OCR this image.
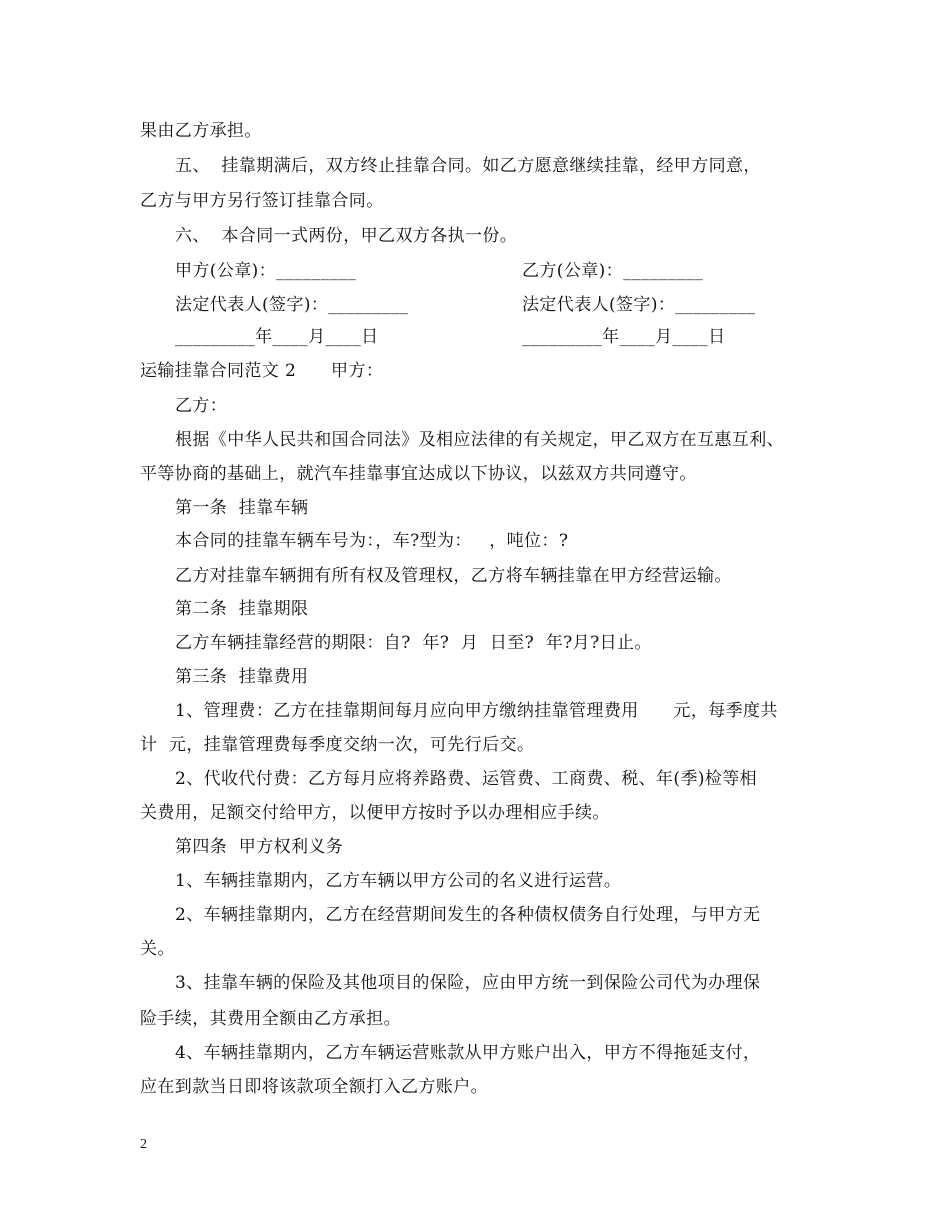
果由乙方承担。
五、  挂靠期满后，双方终止挂靠合同。如乙方愿意继续挂靠，经甲方同意，
乙方与甲方另行签订挂靠合同。
六、  本合同一式两份，甲乙双方各执一份。
甲方(公章)：_________	乙方(公章)：_________
法定代表人(签字)：_________	法定代表人(签字)：_________
_________年____月____日	_________年____月____日
运输挂靠合同范文 2      甲方：
乙方：
根据《中华人民共和国合同法》及相应法律的有关规定，甲乙双方在互惠互利、
平等协商的基础上，就汽车挂靠事宜达成以下协议，以兹双方共同遵守。
第一条  挂靠车辆
本合同的挂靠车辆车号为：，车?型为：   ，吨位：?
乙方对挂靠车辆拥有所有权及管理权，乙方将车辆挂靠在甲方经营运输。
第二条  挂靠期限
乙方车辆挂靠经营的期限：自?  年?  月  日至?  年?月?日止。
第三条  挂靠费用
1、管理费：乙方在挂靠期间每月应向甲方缴纳挂靠管理费用      元，每季度共
计  元，挂靠管理费每季度交纳一次，可先行后交。
2、代收代付费：乙方每月应将养路费、运管费、工商费、税、年(季)检等相
关费用，足额交付给甲方，以便甲方按时予以办理相应手续。
第四条  甲方权利义务
1、车辆挂靠期内，乙方车辆以甲方公司的名义进行运营。
2、车辆挂靠期内，乙方在经营期间发生的各种债权债务自行处理，与甲方无
关。
3、挂靠车辆的保险及其他项目的保险，应由甲方统一到保险公司代为办理保
险手续，其费用全额由乙方承担。
4、车辆挂靠期内，乙方车辆运营账款从甲方账户出入，甲方不得拖延支付，
应在到款当日即将该款项全额打入乙方账户。
2
